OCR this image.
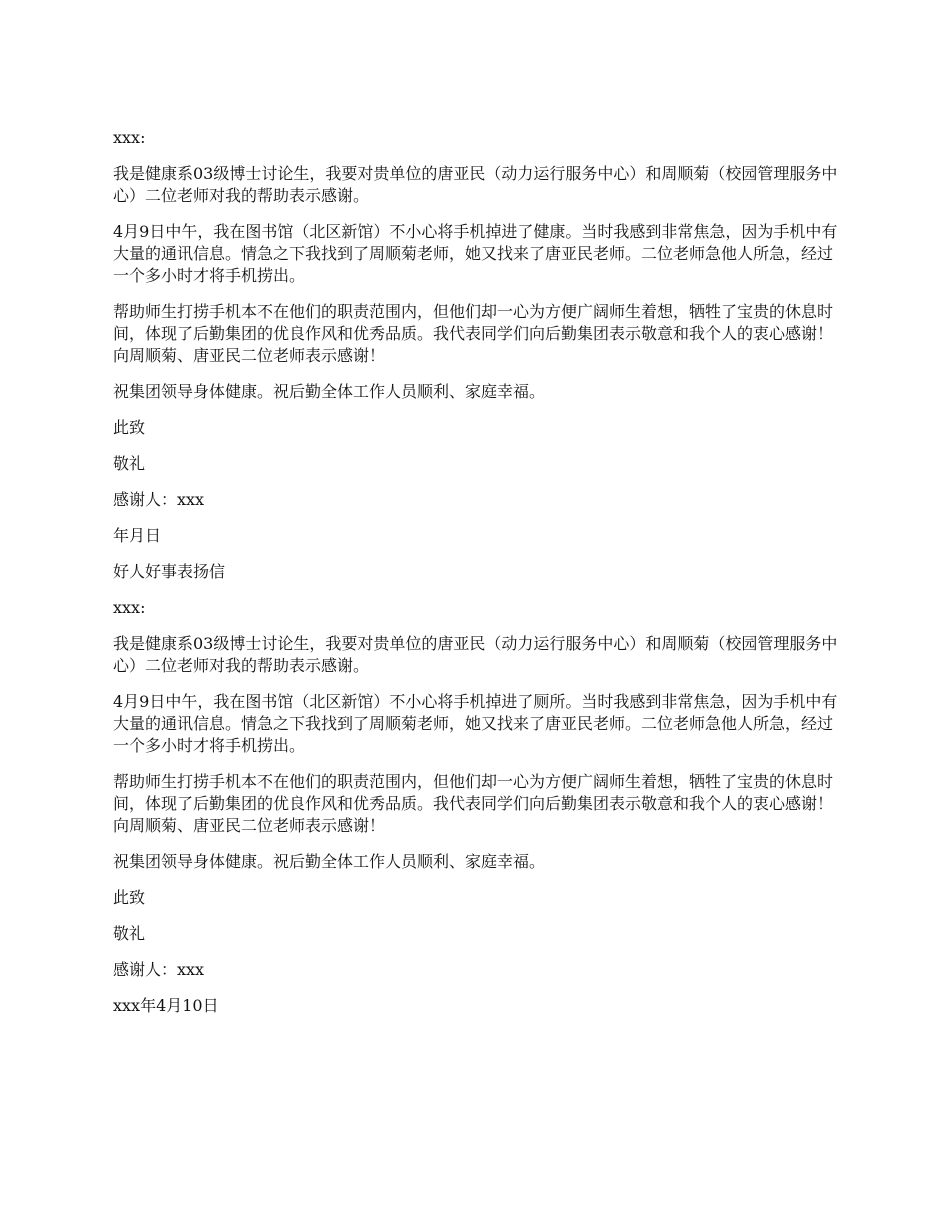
xxx:

我是健康系03级博士讨论生，我要对贵单位的唐亚民（动力运行服务中心）和周顺菊（校园管理服务中心）二位老师对我的帮助表示感谢。

4月9日中午，我在图书馆（北区新馆）不小心将手机掉进了健康。当时我感到非常焦急，因为手机中有大量的通讯信息。情急之下我找到了周顺菊老师，她又找来了唐亚民老师。二位老师急他人所急，经过一个多小时才将手机捞出。

帮助师生打捞手机本不在他们的职责范围内，但他们却一心为方便广阔师生着想，牺牲了宝贵的休息时间，体现了后勤集团的优良作风和优秀品质。我代表同学们向后勤集团表示敬意和我个人的衷心感谢！向周顺菊、唐亚民二位老师表示感谢！

祝集团领导身体健康。祝后勤全体工作人员顺利、家庭幸福。

此致

敬礼

感谢人：xxx

年月日

好人好事表扬信

xxx:

我是健康系03级博士讨论生，我要对贵单位的唐亚民（动力运行服务中心）和周顺菊（校园管理服务中心）二位老师对我的帮助表示感谢。

4月9日中午，我在图书馆（北区新馆）不小心将手机掉进了厕所。当时我感到非常焦急，因为手机中有大量的通讯信息。情急之下我找到了周顺菊老师，她又找来了唐亚民老师。二位老师急他人所急，经过一个多小时才将手机捞出。

帮助师生打捞手机本不在他们的职责范围内，但他们却一心为方便广阔师生着想，牺牲了宝贵的休息时间，体现了后勤集团的优良作风和优秀品质。我代表同学们向后勤集团表示敬意和我个人的衷心感谢！向周顺菊、唐亚民二位老师表示感谢！

祝集团领导身体健康。祝后勤全体工作人员顺利、家庭幸福。

此致

敬礼

感谢人：xxx

xxx年4月10日
